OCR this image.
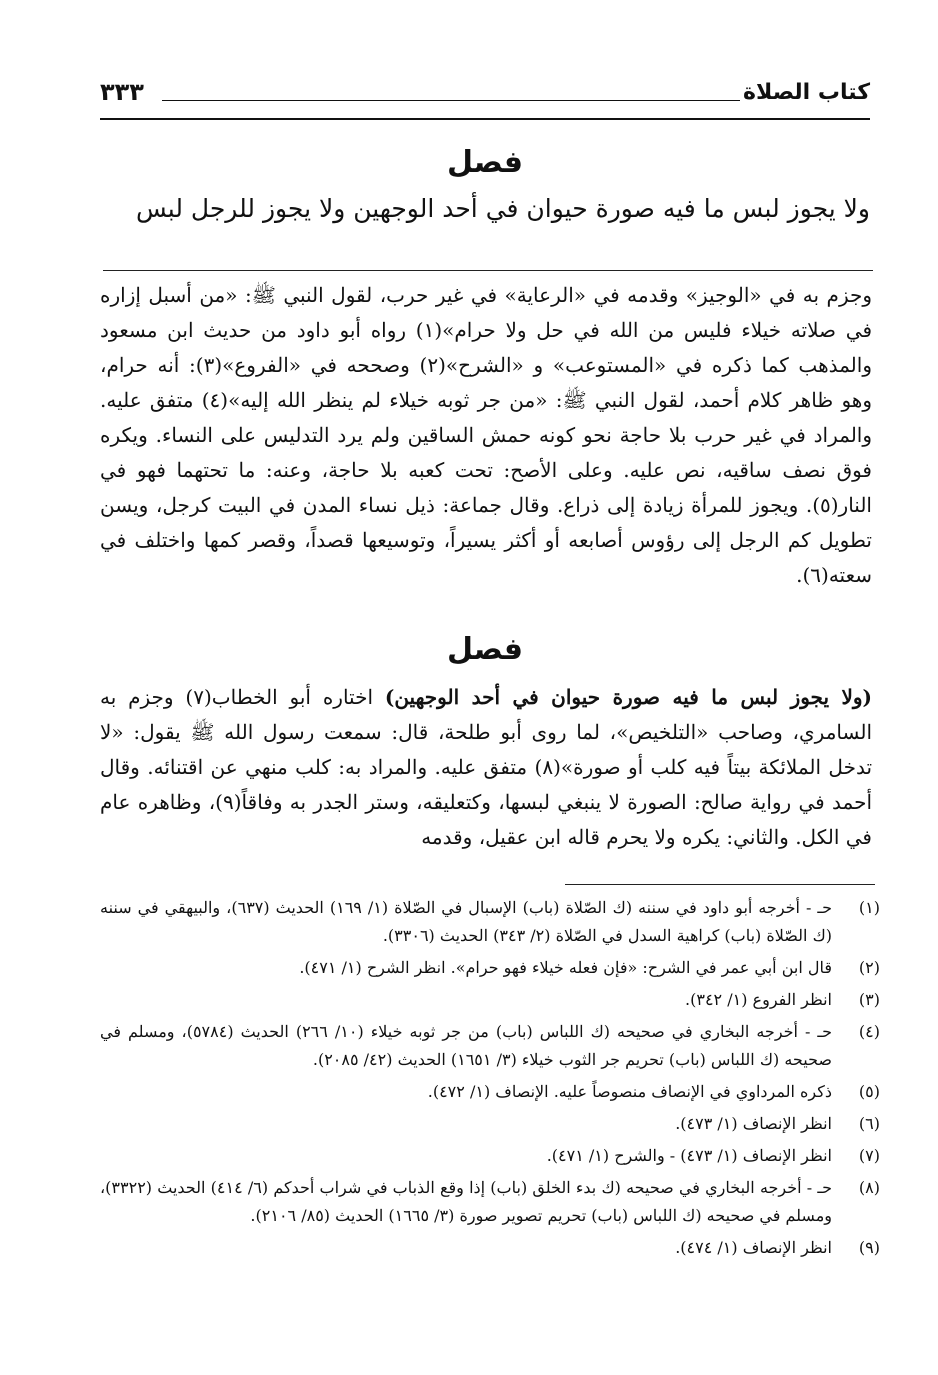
كتاب الصلاة
٣٣٣
فصل
ولا يجوز لبس ما فيه صورة حيوان في أحد الوجهين ولا يجوز للرجل لبس
وجزم به في «الوجيز» وقدمه في «الرعاية» في غير حرب، لقول النبي ﷺ: «من أسبل إزاره في صلاته خيلاء فليس من الله في حل ولا حرام»(١) رواه أبو داود من حديث ابن مسعود والمذهب كما ذكره في «المستوعب» و «الشرح»(٢) وصححه في «الفروع»(٣): أنه حرام، وهو ظاهر كلام أحمد، لقول النبي ﷺ: «من جر ثوبه خيلاء لم ينظر الله إليه»(٤) متفق عليه. والمراد في غير حرب بلا حاجة نحو كونه حمش الساقين ولم يرد التدليس على النساء. ويكره فوق نصف ساقيه، نص عليه. وعلى الأصح: تحت كعبه بلا حاجة، وعنه: ما تحتهما فهو في النار(٥). ويجوز للمرأة زيادة إلى ذراع. وقال جماعة: ذيل نساء المدن في البيت كرجل، ويسن تطويل كم الرجل إلى رؤوس أصابعه أو أكثر يسيراً، وتوسيعها قصداً، وقصر كمها واختلف في سعته(٦).
فصل
(ولا يجوز لبس ما فيه صورة حيوان في أحد الوجهين) اختاره أبو الخطاب(٧) وجزم به السامري، وصاحب «التلخيص»، لما روى أبو طلحة، قال: سمعت رسول الله ﷺ يقول: «لا تدخل الملائكة بيتاً فيه كلب أو صورة»(٨) متفق عليه. والمراد به: كلب منهي عن اقتنائه. وقال أحمد في رواية صالح: الصورة لا ينبغي لبسها، وكتعليقه، وستر الجدر به وفاقاً(٩)، وظاهره عام في الكل. والثاني: يكره ولا يحرم قاله ابن عقيل، وقدمه
(١)
حـ - أخرجه أبو داود في سننه (ك الصّلاة (باب) الإسبال في الصّلاة (١/ ١٦٩) الحديث (٦٣٧)، والبيهقي في سننه (ك الصّلاة (باب) كراهية السدل في الصّلاة (٢/ ٣٤٣) الحديث (٣٣٠٦).
(٢)
قال ابن أبي عمر في الشرح: «فإن فعله خيلاء فهو حرام». انظر الشرح (١/ ٤٧١).
(٣)
انظر الفروع (١/ ٣٤٢).
(٤)
حـ - أخرجه البخاري في صحيحه (ك اللباس (باب) من جر ثوبه خيلاء (١٠/ ٢٦٦) الحديث (٥٧٨٤)، ومسلم في صحيحه (ك اللباس (باب) تحريم جر الثوب خيلاء (٣/ ١٦٥١) الحديث (٤٢/ ٢٠٨٥).
(٥)
ذكره المرداوي في الإنصاف منصوصاً عليه. الإنصاف (١/ ٤٧٢).
(٦)
انظر الإنصاف (١/ ٤٧٣).
(٧)
انظر الإنصاف (١/ ٤٧٣) - والشرح (١/ ٤٧١).
(٨)
حـ - أخرجه البخاري في صحيحه (ك بدء الخلق (باب) إذا وقع الذباب في شراب أحدكم (٦/ ٤١٤) الحديث (٣٣٢٢)، ومسلم في صحيحه (ك اللباس (باب) تحريم تصوير صورة (٣/ ١٦٦٥) الحديث (٨٥/ ٢١٠٦).
(٩)
انظر الإنصاف (١/ ٤٧٤).
